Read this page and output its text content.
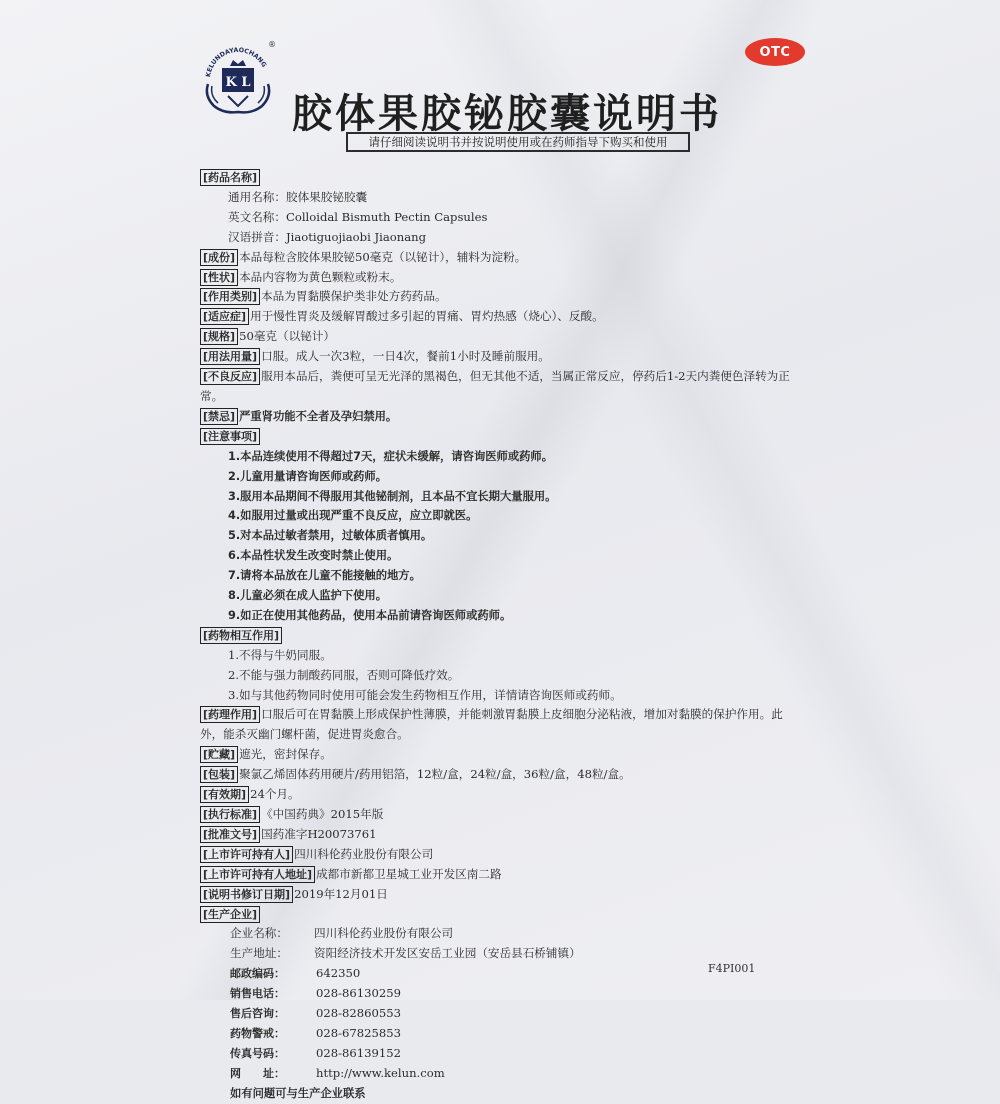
KELUNDAYAOCHANG
K L
®	OTC
胶体果胶铋胶囊说明书
请仔细阅读说明书并按说明使用或在药师指导下购买和使用
[药品名称]
通用名称：胶体果胶铋胶囊
英文名称：Colloidal Bismuth Pectin Capsules
汉语拼音：Jiaotiguojiaobi Jiaonang
[成份] 本品每粒含胶体果胶铋50毫克（以铋计），辅料为淀粉。
[性状] 本品内容物为黄色颗粒或粉末。
[作用类别] 本品为胃黏膜保护类非处方药药品。
[适应症] 用于慢性胃炎及缓解胃酸过多引起的胃痛、胃灼热感（烧心）、反酸。
[规格] 50毫克（以铋计）
[用法用量] 口服。成人一次3粒，一日4次，餐前1小时及睡前服用。
[不良反应] 服用本品后，粪便可呈无光泽的黑褐色，但无其他不适，当属正常反应，停药后1-2天内粪便色泽转为正常。
[禁忌] 严重肾功能不全者及孕妇禁用。
[注意事项]
1.本品连续使用不得超过7天，症状未缓解，请咨询医师或药师。
2.儿童用量请咨询医师或药师。
3.服用本品期间不得服用其他铋制剂，且本品不宜长期大量服用。
4.如服用过量或出现严重不良反应，应立即就医。
5.对本品过敏者禁用，过敏体质者慎用。
6.本品性状发生改变时禁止使用。
7.请将本品放在儿童不能接触的地方。
8.儿童必须在成人监护下使用。
9.如正在使用其他药品，使用本品前请咨询医师或药师。
[药物相互作用]
1.不得与牛奶同服。
2.不能与强力制酸药同服，否则可降低疗效。
3.如与其他药物同时使用可能会发生药物相互作用，详情请咨询医师或药师。
[药理作用] 口服后可在胃黏膜上形成保护性薄膜，并能刺激胃黏膜上皮细胞分泌粘液，增加对黏膜的保护作用。此外，能杀灭幽门螺杆菌，促进胃炎愈合。
[贮藏] 遮光，密封保存。
[包装] 聚氯乙烯固体药用硬片/药用铝箔，12粒/盒，24粒/盒，36粒/盒，48粒/盒。
[有效期] 24个月。
[执行标准] 《中国药典》2015年版
[批准文号] 国药准字H20073761
[上市许可持有人] 四川科伦药业股份有限公司
[上市许可持有人地址] 成都市新都卫星城工业开发区南二路
[说明书修订日期] 2019年12月01日
[生产企业]
企业名称： 四川科伦药业股份有限公司
生产地址： 资阳经济技术开发区安岳工业园（安岳县石桥铺镇）
邮政编码：	642350
销售电话：	028-86130259
售后咨询：	028-82860553
药物警戒：	028-67825853
传真号码：	028-86139152
网　　址：	http://www.kelun.com
如有问题可与生产企业联系
F4PI001
